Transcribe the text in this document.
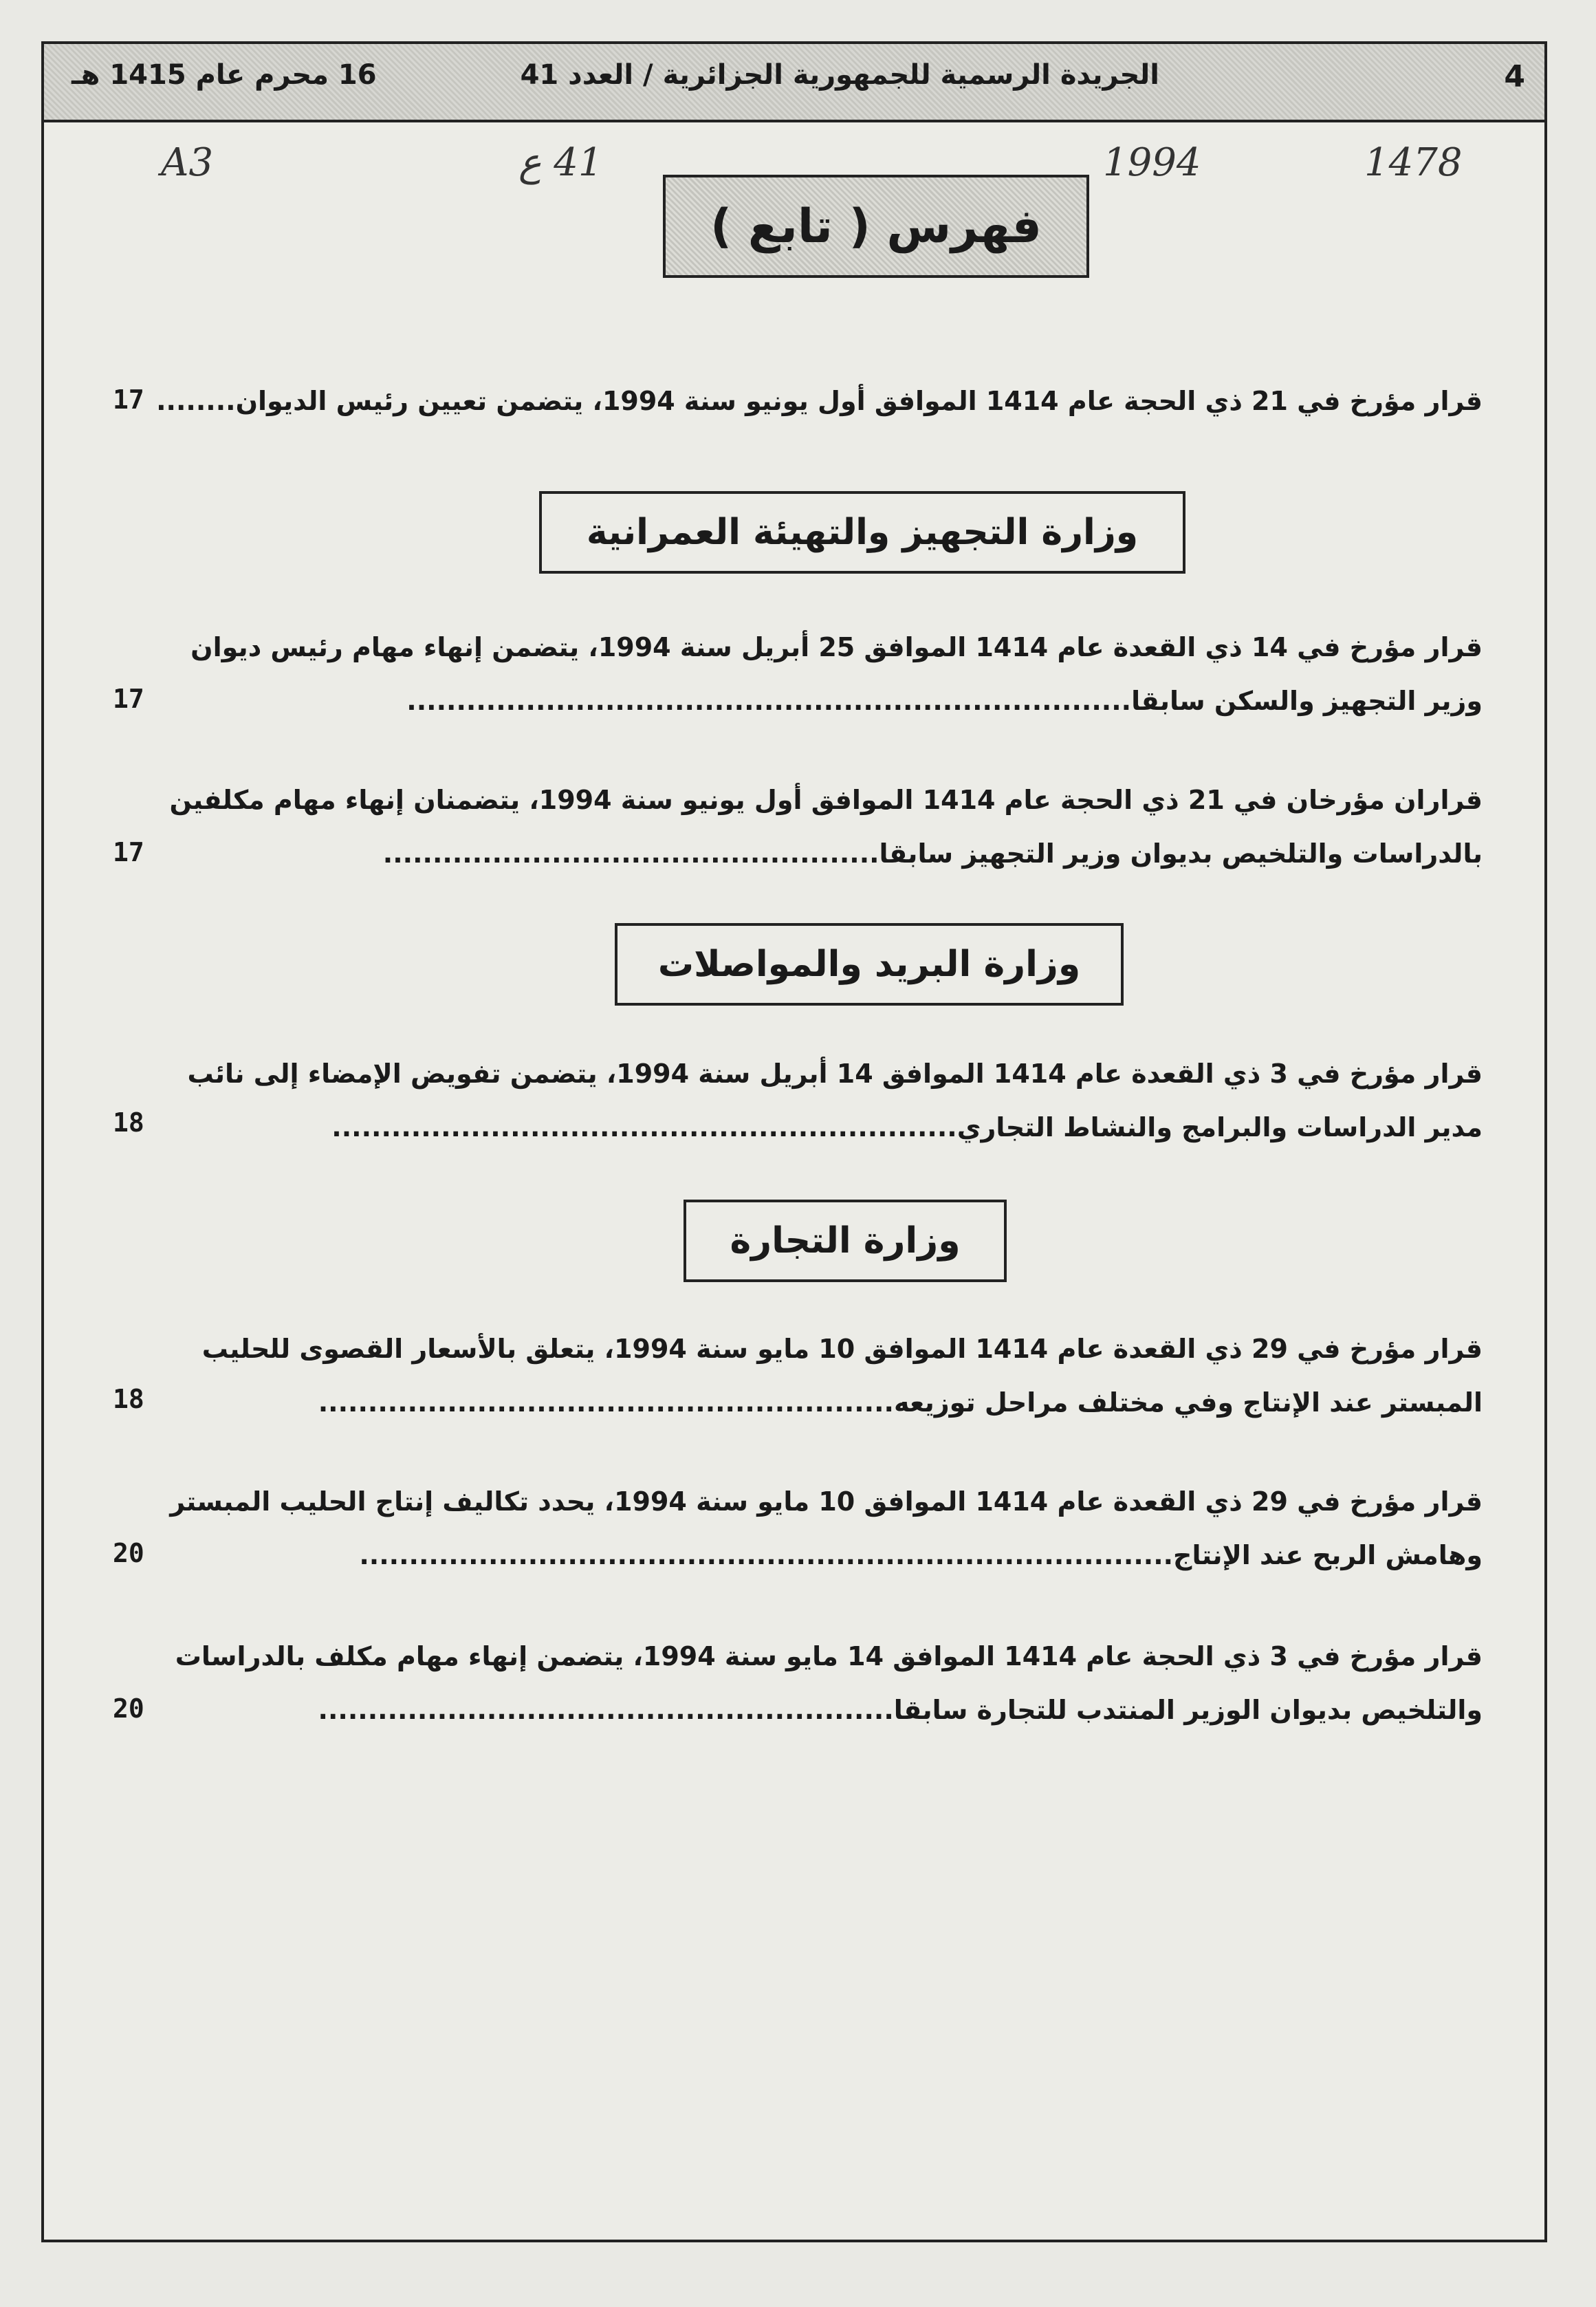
4
الجريدة الرسمية للجمهورية الجزائرية / العدد 41
16 محرم عام 1415 هـ
A3	41 ع	1994	1478
فهرس ( تابع )
قرار مؤرخ في 21 ذي الحجة عام 1414 الموافق أول يونيو سنة 1994، يتضمن تعيين رئيس الديوان........
17
وزارة التجهيز والتهيئة العمرانية
قرار مؤرخ في 14 ذي القعدة عام 1414 الموافق 25 أبريل سنة 1994، يتضمن إنهاء مهام رئيس ديوان
وزير التجهيز والسكن سابقا.........................................................................
17
قراران مؤرخان في 21 ذي الحجة عام 1414 الموافق أول يونيو سنة 1994، يتضمنان إنهاء مهام مكلفين
بالدراسات والتلخيص بديوان وزير التجهيز سابقا..................................................
17
وزارة البريد والمواصلات
قرار مؤرخ في 3 ذي القعدة عام 1414 الموافق 14 أبريل سنة 1994، يتضمن تفويض الإمضاء إلى نائب
مدير الدراسات والبرامج والنشاط التجاري...............................................................
18
وزارة التجارة
قرار مؤرخ في 29 ذي القعدة عام 1414 الموافق 10 مايو سنة 1994، يتعلق بالأسعار القصوى للحليب
المبستر عند الإنتاج وفي مختلف مراحل توزيعه..........................................................
18
قرار مؤرخ في 29 ذي القعدة عام 1414 الموافق 10 مايو سنة 1994، يحدد تكاليف إنتاج الحليب المبستر
وهامش الربح عند الإنتاج..................................................................................
20
قرار مؤرخ في 3 ذي الحجة عام 1414 الموافق 14 مايو سنة 1994، يتضمن إنهاء مهام مكلف بالدراسات
والتلخيص بديوان الوزير المنتدب للتجارة سابقا..........................................................
20
